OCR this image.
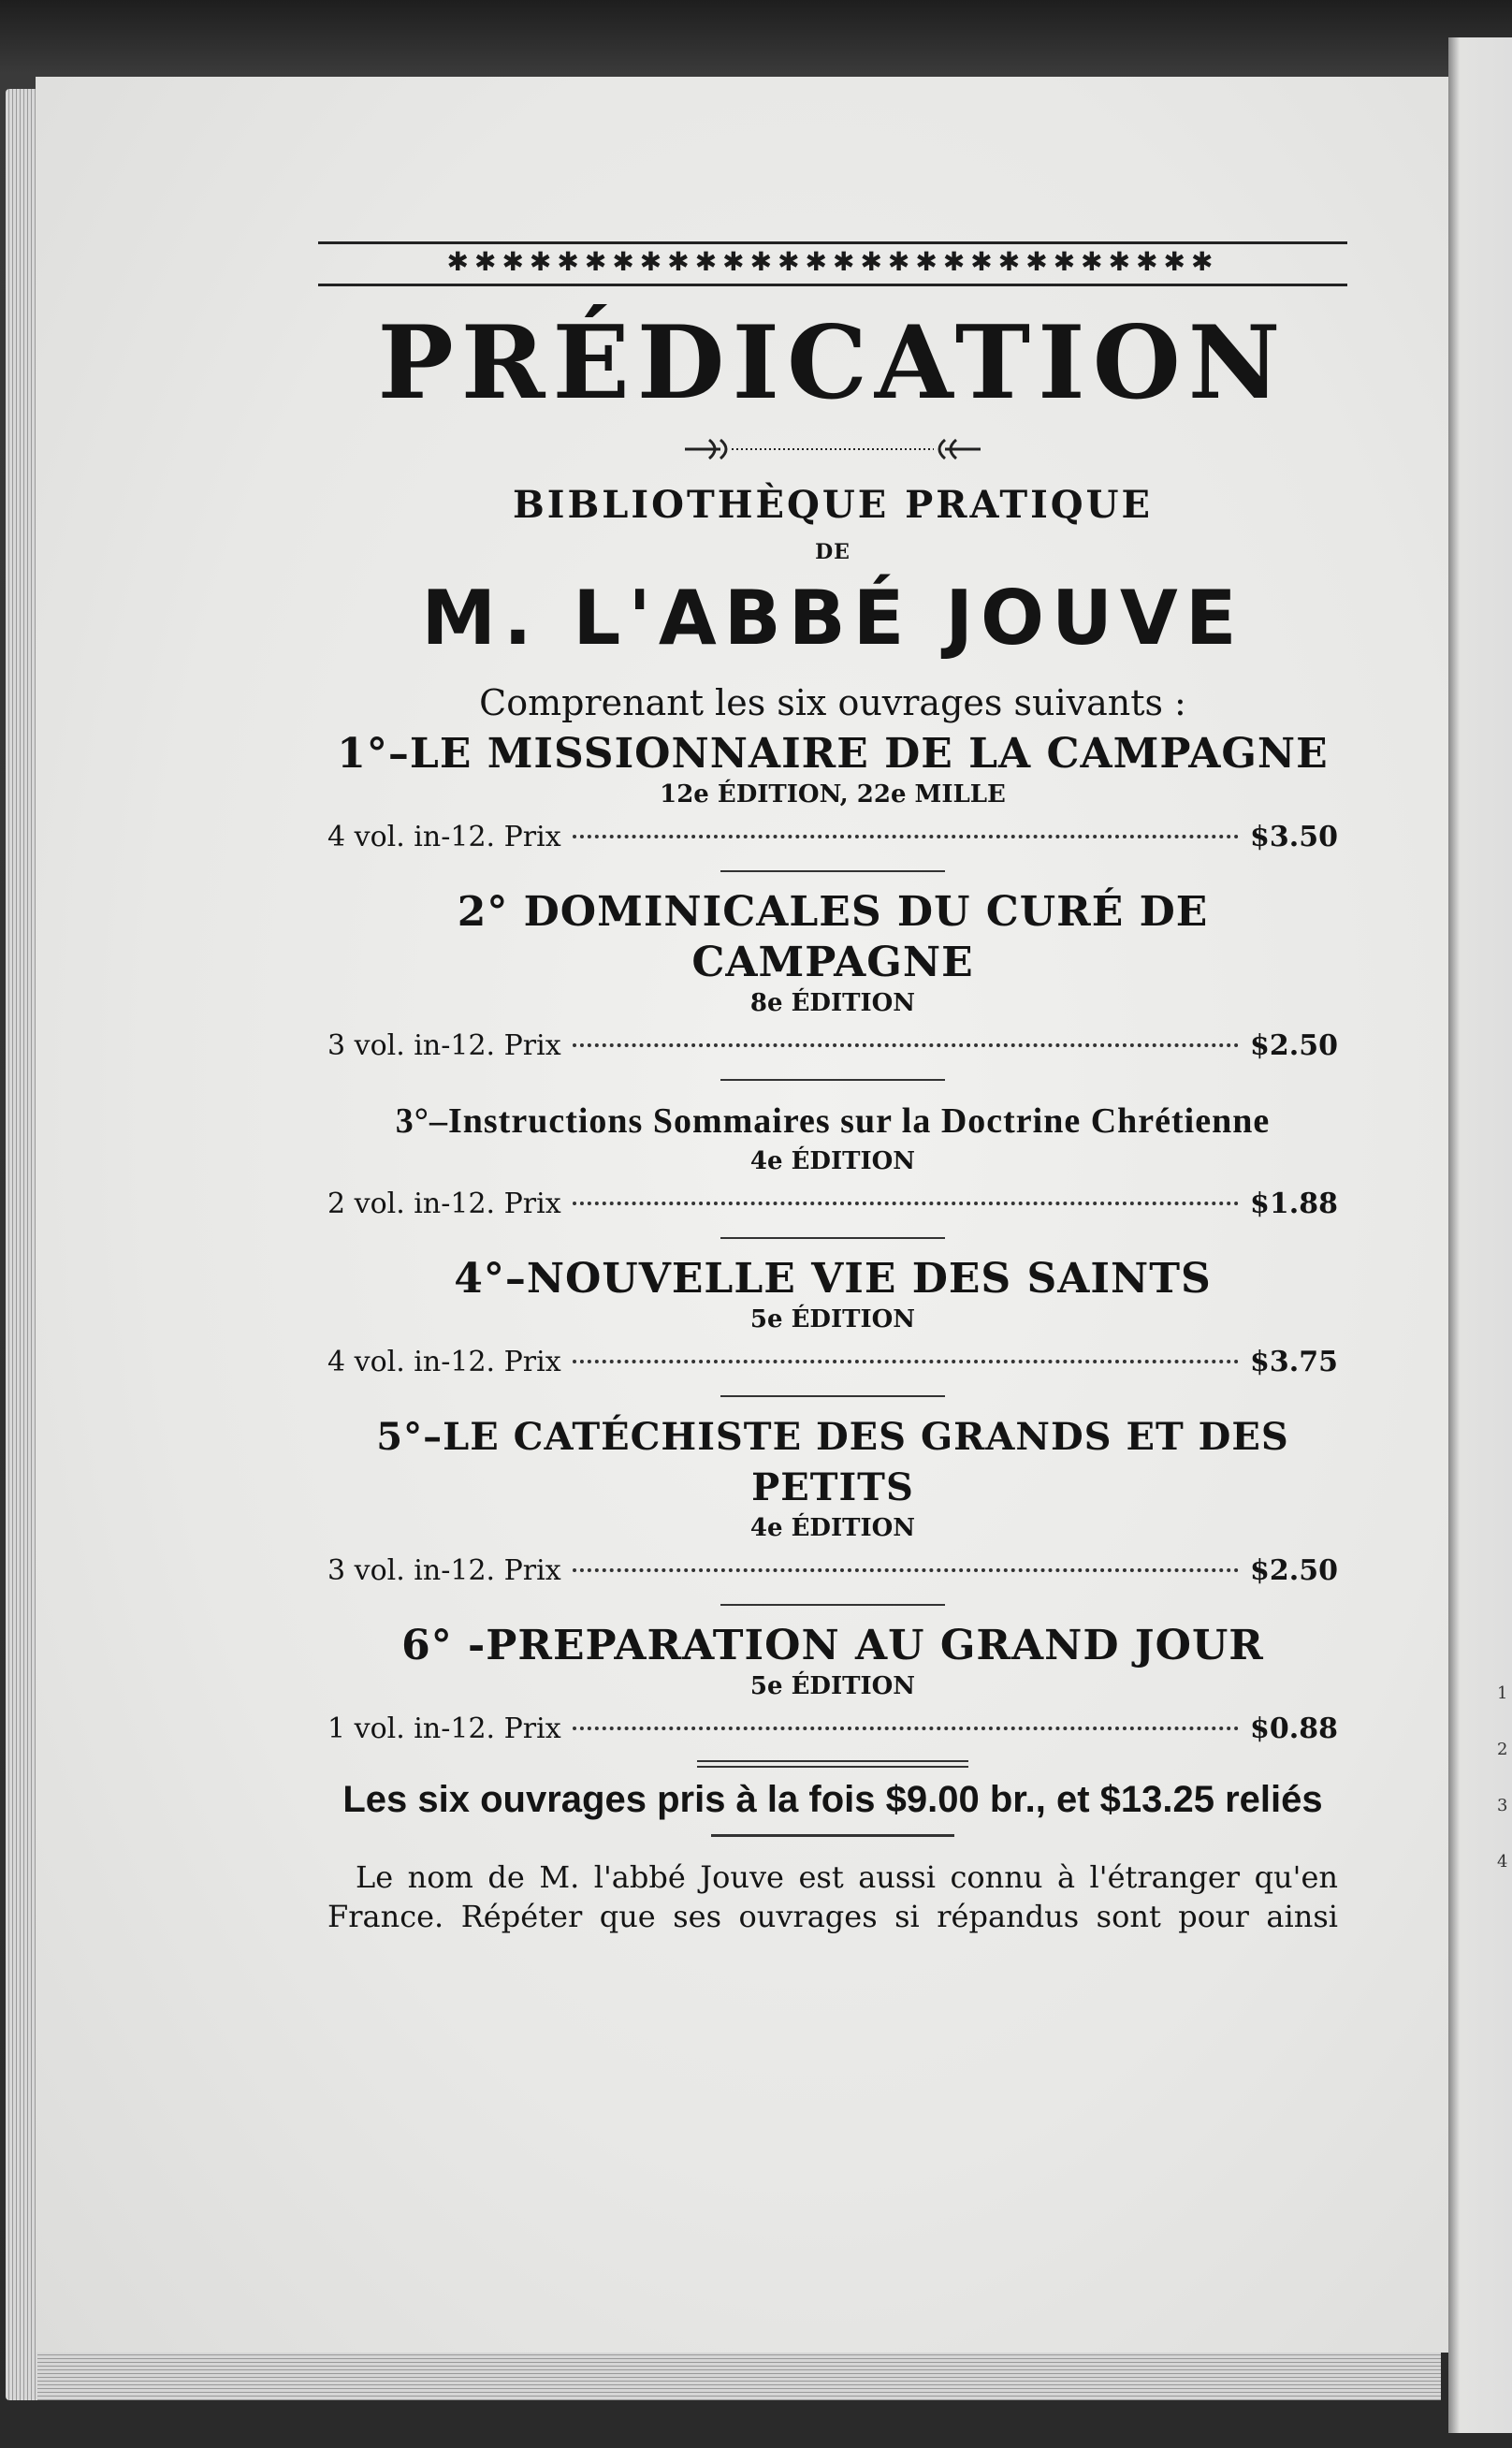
1
2
3
4
✱✱✱✱✱✱✱✱✱✱✱✱✱✱✱✱✱✱✱✱✱✱✱✱✱✱✱✱
PRÉDICATION
BIBLIOTHÈQUE PRATIQUE
DE
M. L'ABBÉ JOUVE
Comprenant les six ouvrages suivants :
1°–LE MISSIONNAIRE DE LA CAMPAGNE
12e ÉDITION, 22e MILLE
4 vol. in-12. Prix	$3.50
2° DOMINICALES DU CURÉ DE CAMPAGNE
8e ÉDITION
3 vol. in-12. Prix	$2.50
3°–Instructions Sommaires sur la Doctrine Chrétienne
4e ÉDITION
2 vol. in-12. Prix	$1.88
4°–NOUVELLE VIE DES SAINTS
5e ÉDITION
4 vol. in-12. Prix	$3.75
5°–LE CATÉCHISTE DES GRANDS ET DES PETITS
4e ÉDITION
3 vol. in-12. Prix	$2.50
6° -PREPARATION AU GRAND JOUR
5e ÉDITION
1 vol. in-12. Prix	$0.88
Les six ouvrages pris à la fois $9.00 br., et $13.25 reliés
Le nom de M. l'abbé Jouve est aussi connu à l'étranger qu'en
France. Répéter que ses ouvrages si répandus sont pour ainsi
